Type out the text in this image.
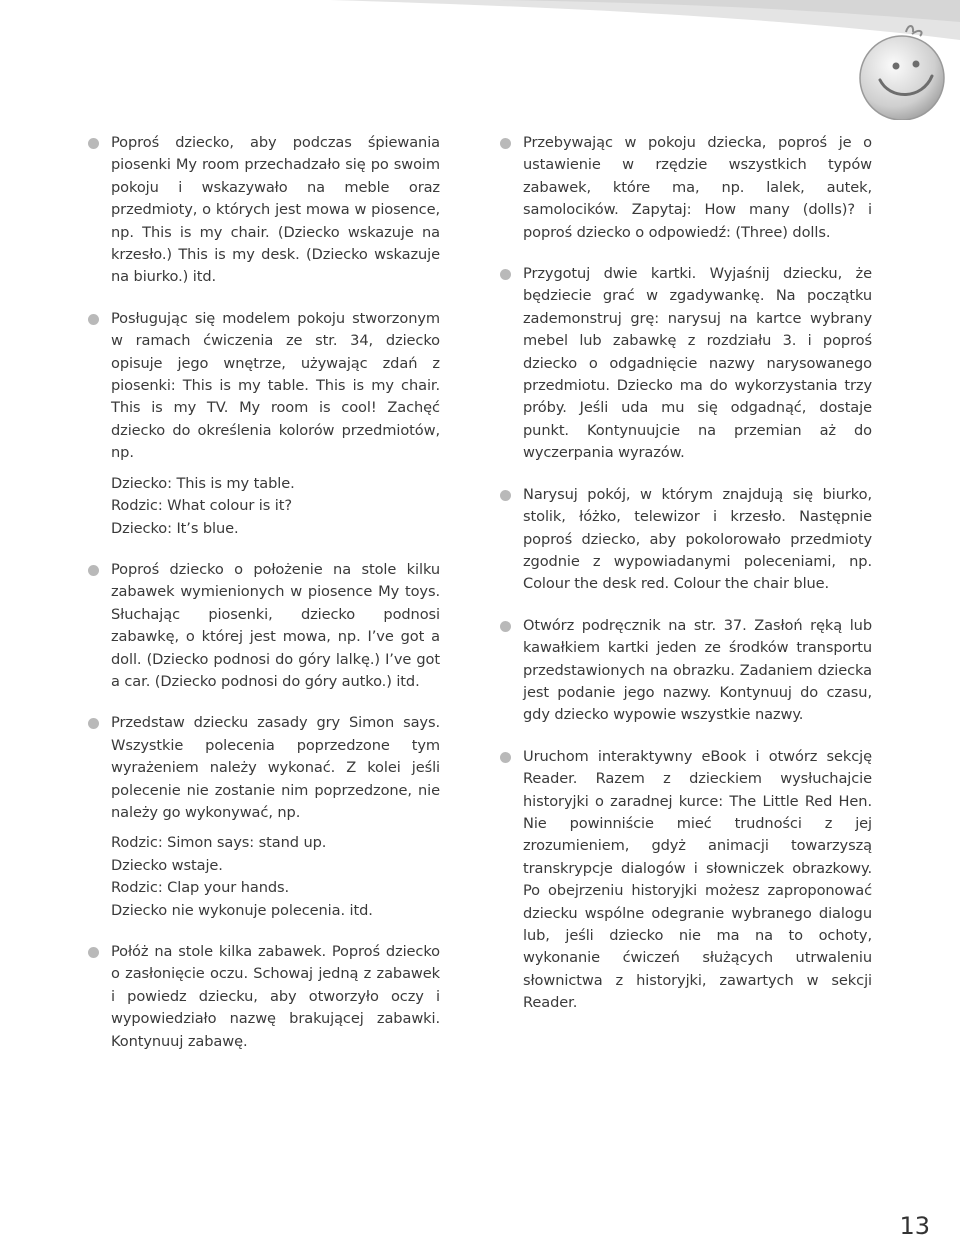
Poproś dziecko, aby podczas śpiewania piosenki My room przechadzało się po swoim pokoju i wskazywało na meble oraz przedmioty, o których jest mowa w piosence, np. This is my chair. (Dziecko wskazuje na krzesło.) This is my desk. (Dziecko wskazuje na biurko.) itd.

Posługując się modelem pokoju stworzonym w ramach ćwiczenia ze str. 34, dziecko opisuje jego wnętrze, używając zdań z piosenki: This is my table. This is my chair. This is my TV. My room is cool! Zachęć dziecko do określenia kolorów przedmiotów, np.

Dziecko: This is my table.

Rodzic: What colour is it?

Dziecko: It’s blue.

Poproś dziecko o położenie na stole kilku zabawek wymienionych w piosence My toys. Słuchając piosenki, dziecko podnosi zabawkę, o której jest mowa, np. I’ve got a doll. (Dziecko podnosi do góry lalkę.) I’ve got a car. (Dziecko podnosi do góry autko.) itd.

Przedstaw dziecku zasady gry Simon says. Wszystkie polecenia poprzedzone tym wyrażeniem należy wykonać. Z kolei jeśli polecenie nie zostanie nim poprzedzone, nie należy go wykonywać, np.

Rodzic: Simon says: stand up.

Dziecko wstaje.

Rodzic: Clap your hands.

Dziecko nie wykonuje polecenia. itd.

Połóż na stole kilka zabawek. Poproś dziecko o zasłonięcie oczu. Schowaj jedną z zabawek i powiedz dziecku, aby otworzyło oczy i wypowiedziało nazwę brakującej zabawki. Kontynuuj zabawę.

Przebywając w pokoju dziecka, poproś je o ustawienie w rzędzie wszystkich typów zabawek, które ma, np. lalek, autek, samolocików. Zapytaj: How many (dolls)? i poproś dziecko o odpowiedź: (Three) dolls.

Przygotuj dwie kartki. Wyjaśnij dziecku, że będziecie grać w zgadywankę. Na początku zademonstruj grę: narysuj na kartce wybrany mebel lub zabawkę z rozdziału 3. i poproś dziecko o odgadnięcie nazwy narysowanego przedmiotu. Dziecko ma do wykorzystania trzy próby. Jeśli uda mu się odgadnąć, dostaje punkt. Kontynuujcie na przemian aż do wyczerpania wyrazów.

Narysuj pokój, w którym znajdują się biurko, stolik, łóżko, telewizor i krzesło. Następnie poproś dziecko, aby pokolorowało przedmioty zgodnie z wypowiadanymi poleceniami, np. Colour the desk red. Colour the chair blue.

Otwórz podręcznik na str. 37. Zasłoń ręką lub kawałkiem kartki jeden ze środków transportu przedstawionych na obrazku. Zadaniem dziecka jest podanie jego nazwy. Kontynuuj do czasu, gdy dziecko wypowie wszystkie nazwy.

Uruchom interaktywny eBook i otwórz sekcję Reader. Razem z dzieckiem wysłuchajcie historyjki o zaradnej kurce: The Little Red Hen. Nie powinniście mieć trudności z jej zrozumieniem, gdyż animacji towarzyszą transkrypcje dialogów i słowniczek obrazkowy. Po obejrzeniu historyjki możesz zaproponować dziecku wspólne odegranie wybranego dialogu lub, jeśli dziecko nie ma na to ochoty, wykonanie ćwiczeń służących utrwaleniu słownictwa z historyjki, zawartych w sekcji Reader.

13
